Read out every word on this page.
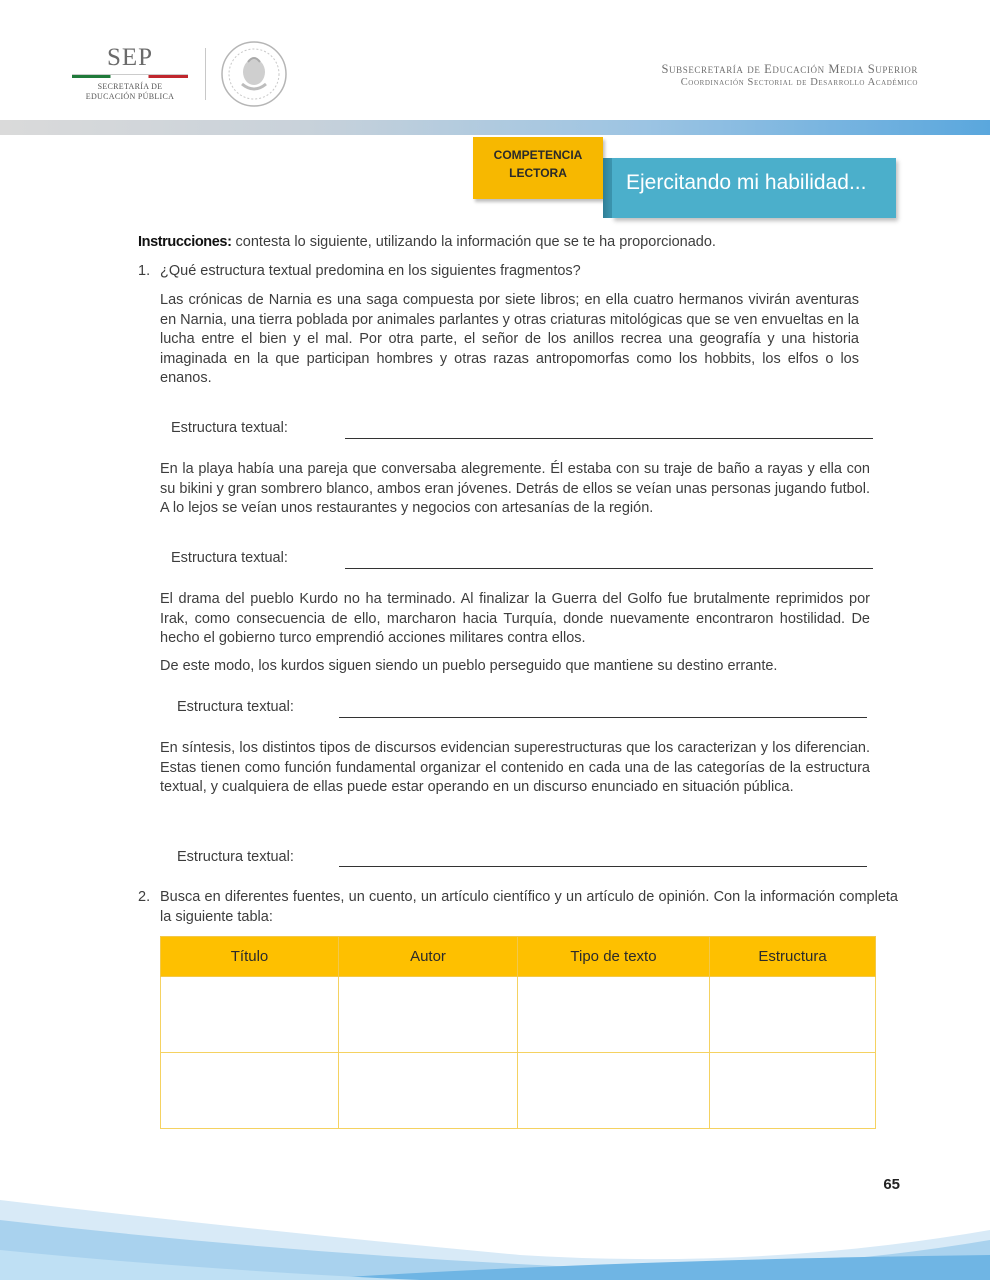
SEP
SECRETARÍA DE
EDUCACIÓN PÚBLICA
Subsecretaría de Educación Media Superior
Coordinación Sectorial de Desarrollo Académico
COMPETENCIA
LECTORA	Ejercitando mi habilidad...
Instrucciones: contesta lo siguiente, utilizando la información que se te ha proporcionado.
1. ¿Qué estructura textual predomina en los siguientes fragmentos?
Las crónicas de Narnia es una saga compuesta por siete libros; en ella cuatro hermanos vivirán aventuras en Narnia, una tierra poblada por animales parlantes y otras criaturas mitológicas que se ven envueltas en la lucha entre el bien y el mal. Por otra parte, el señor de los anillos recrea una geografía y una historia imaginada en la que participan hombres y otras razas antropomorfas como los hobbits, los elfos o los enanos.
Estructura textual:
En la playa había una pareja que conversaba alegremente. Él estaba con su traje de baño a rayas y ella con su bikini y gran sombrero blanco, ambos eran jóvenes. Detrás de ellos se veían unas personas jugando futbol. A lo lejos se veían unos restaurantes y negocios con artesanías de la región.
Estructura textual:
El drama del pueblo Kurdo no ha terminado. Al finalizar la Guerra del Golfo fue brutalmente reprimidos por Irak, como consecuencia de ello, marcharon hacia Turquía, donde nuevamente encontraron hostilidad. De hecho el gobierno turco emprendió acciones militares contra ellos.
De este modo, los kurdos siguen siendo un pueblo perseguido que mantiene su destino errante.
Estructura textual:
En síntesis, los distintos tipos de discursos evidencian superestructuras que los caracterizan y los diferencian. Estas tienen como función fundamental organizar el contenido en cada una de las categorías de la estructura textual, y cualquiera de ellas puede estar operando en un discurso enunciado en situación pública.
Estructura textual:
2. Busca en diferentes fuentes, un cuento, un artículo científico y un artículo de opinión. Con la información completa la siguiente tabla:
Título	Autor	Tipo de texto	Estructura

65
